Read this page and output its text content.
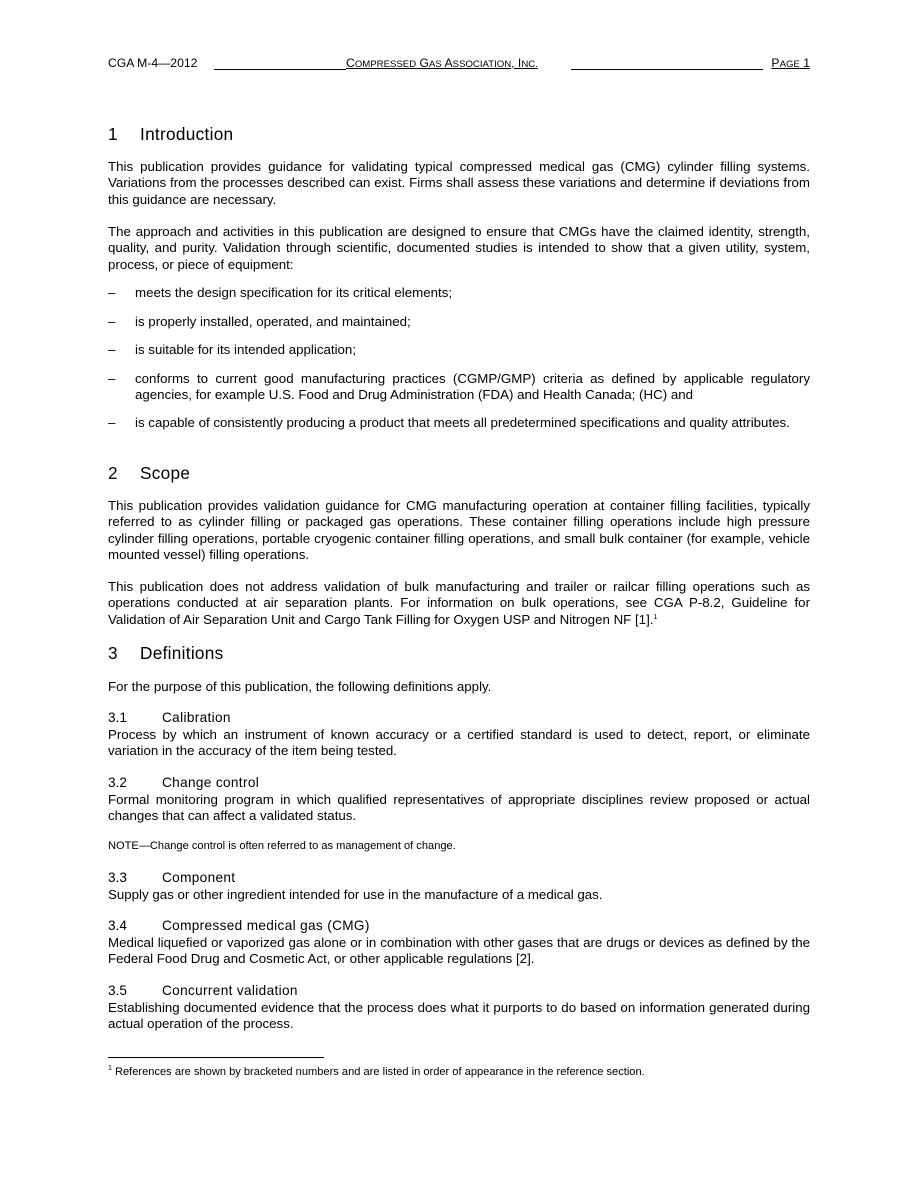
CGA M-4—2012	COMPRESSED GAS ASSOCIATION, INC.	PAGE 1
1 Introduction

This publication provides guidance for validating typical compressed medical gas (CMG) cylinder filling systems. Variations from the processes described can exist. Firms shall assess these variations and determine if deviations from this guidance are necessary.

The approach and activities in this publication are designed to ensure that CMGs have the claimed identity, strength, quality, and purity. Validation through scientific, documented studies is intended to show that a given utility, system, process, or piece of equipment:

– meets the design specification for its critical elements;
– is properly installed, operated, and maintained;
– is suitable for its intended application;
– conforms to current good manufacturing practices (CGMP/GMP) criteria as defined by applicable regulatory agencies, for example U.S. Food and Drug Administration (FDA) and Health Canada; (HC) and
– is capable of consistently producing a product that meets all predetermined specifications and quality attributes.
2 Scope

This publication provides validation guidance for CMG manufacturing operation at container filling facilities, typically referred to as cylinder filling or packaged gas operations. These container filling operations include high pressure cylinder filling operations, portable cryogenic container filling operations, and small bulk container (for example, vehicle mounted vessel) filling operations.

This publication does not address validation of bulk manufacturing and trailer or railcar filling operations such as operations conducted at air separation plants. For information on bulk operations, see CGA P-8.2, Guideline for Validation of Air Separation Unit and Cargo Tank Filling for Oxygen USP and Nitrogen NF [1].$^1$

3 Definitions

For the purpose of this publication, the following definitions apply.

3.1	Calibration

Process by which an instrument of known accuracy or a certified standard is used to detect, report, or eliminate variation in the accuracy of the item being tested.

3.2	Change control

Formal monitoring program in which qualified representatives of appropriate disciplines review proposed or actual changes that can affect a validated status.

NOTE—Change control is often referred to as management of change.
3.3	Component

Supply gas or other ingredient intended for use in the manufacture of a medical gas.

3.4	Compressed medical gas (CMG)

Medical liquefied or vaporized gas alone or in combination with other gases that are drugs or devices as defined by the Federal Food Drug and Cosmetic Act, or other applicable regulations [2].

3.5	Concurrent validation

Establishing documented evidence that the process does what it purports to do based on information generated during actual operation of the process.

$^1$ References are shown by bracketed numbers and are listed in order of appearance in the reference section.
